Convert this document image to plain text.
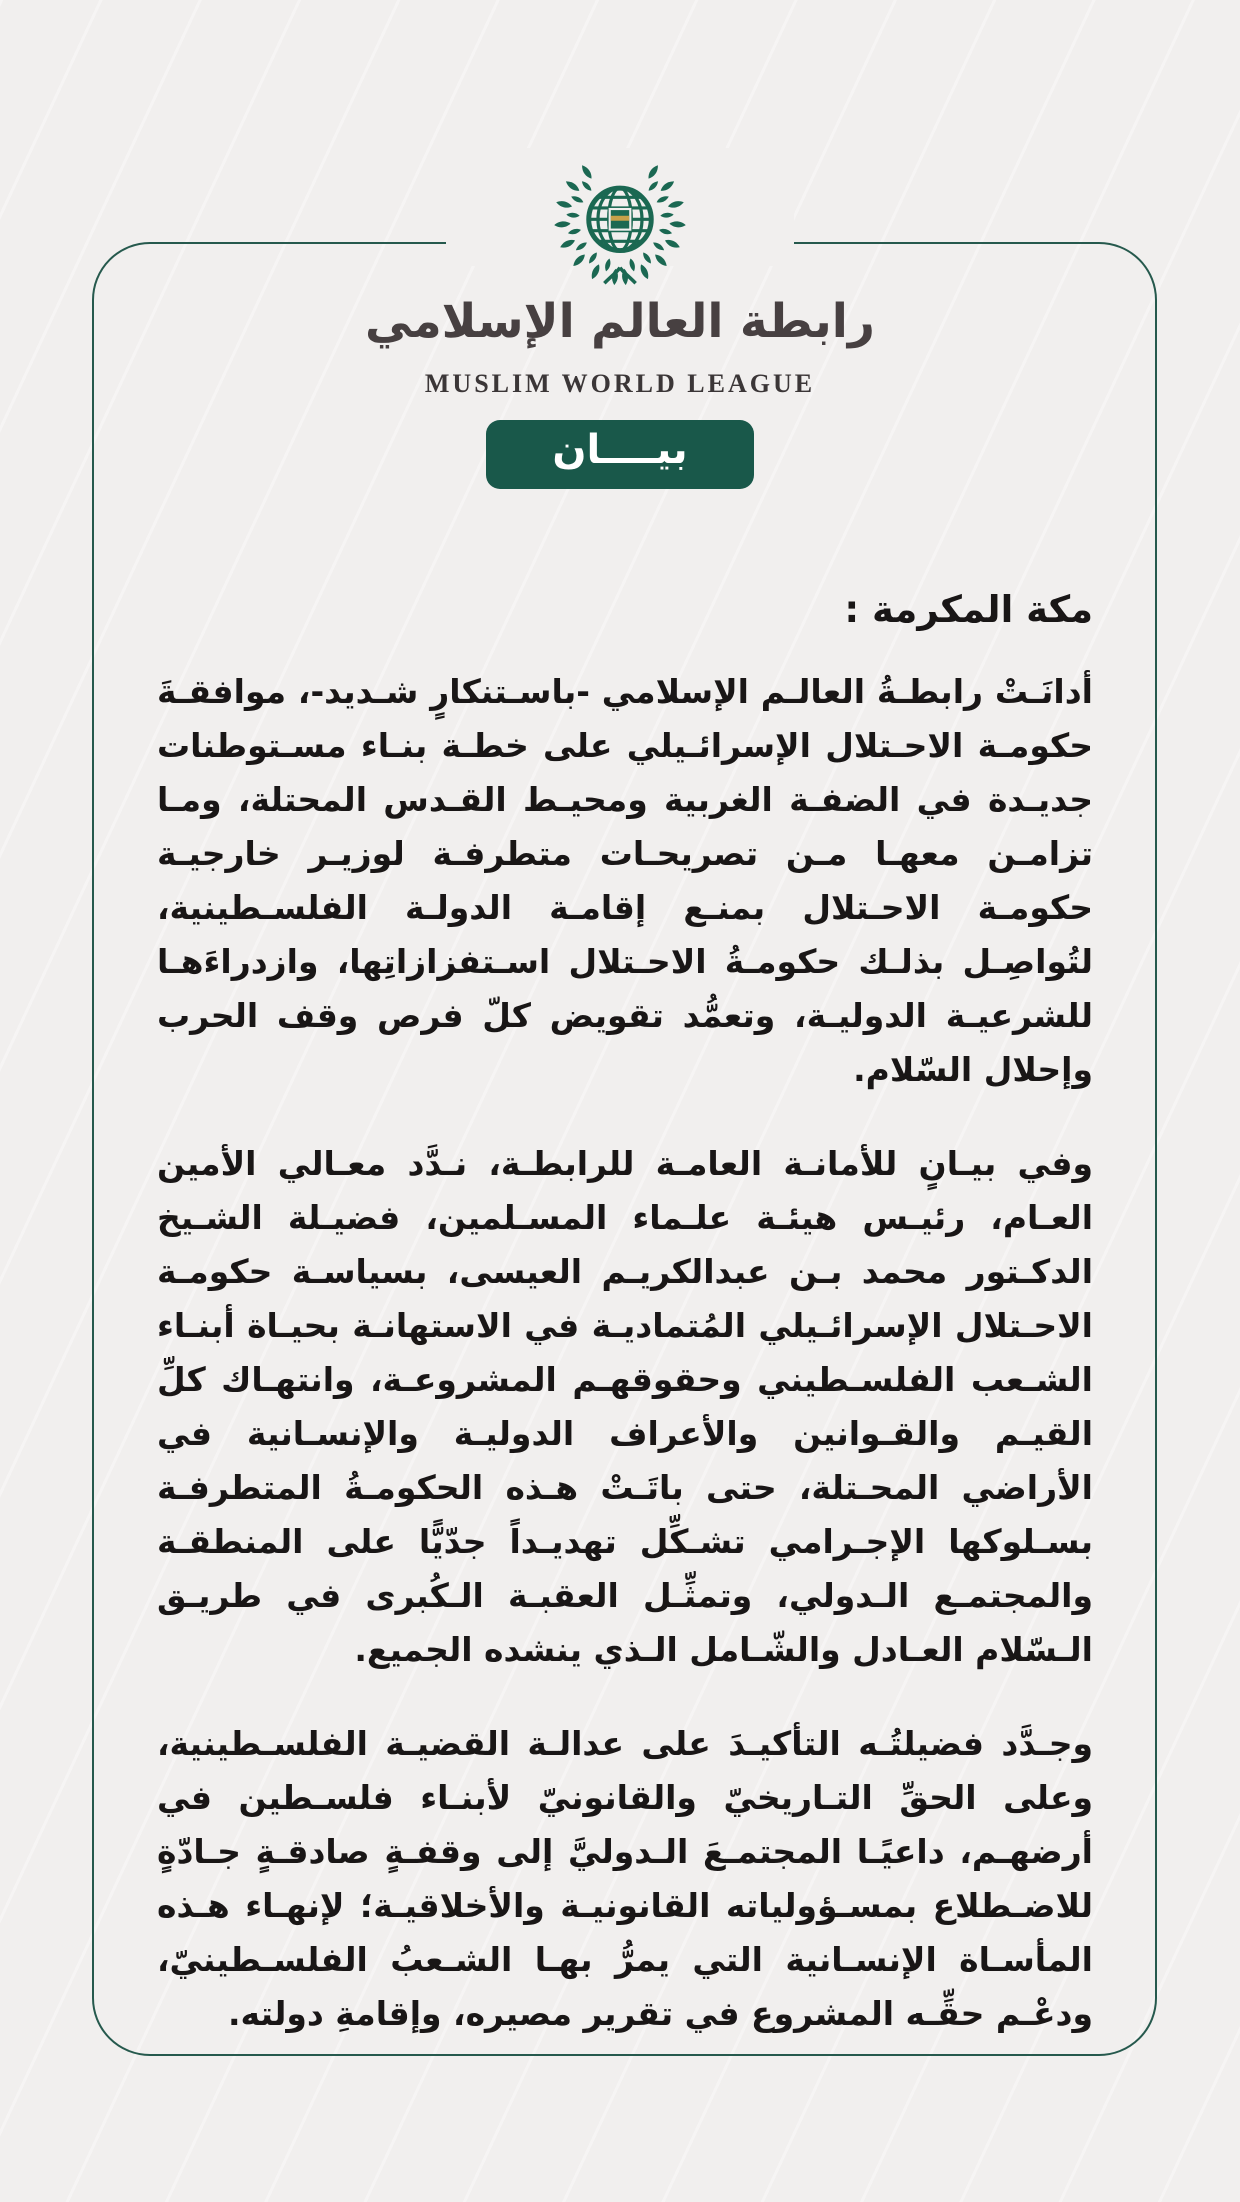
رابطة العالم الإسلامي
MUSLIM WORLD LEAGUE
بيــــان
مكة المكرمة :

أدانَـتْ رابطـةُ العالـم الإسلامي -باسـتنكارٍ شـديد-، موافقـةَ حكومـة الاحـتلال الإسرائـيلي على خطـة بنـاء مسـتوطنات جديـدة في الضفـة الغربية ومحيـط القـدس المحتلة، ومـا تزامـن معهـا مـن تصريحـات متطرفـة لوزيـر خارجيـة حكومـة الاحـتلال بمنـع إقامـة الدولـة الفلسـطينية، لتُواصِـل بذلـك حكومـةُ الاحـتلال اسـتفزازاتِها، وازدراءَهـا للشرعيـة الدوليـة، وتعمُّد تقويض كلّ فرص وقف الحرب وإحلال السّلام.

وفي بيـانٍ للأمانـة العامـة للرابطـة، نـدَّد معـالي الأمين العـام، رئيـس هيئـة علـماء المسـلمين، فضيـلة الشـيخ الدكـتور محمد بـن عبدالكريـم العيسى، بسياسـة حكومـة الاحـتلال الإسرائـيلي المُتماديـة في الاستهانـة بحيـاة أبنـاء الشـعب الفلسـطيني وحقوقهـم المشروعـة، وانتهـاك كلِّ القيـم والقـوانين والأعراف الدوليـة والإنسـانية في الأراضي المحـتلة، حتى باتَـتْ هـذه الحكومـةُ المتطرفـة بسـلوكها الإجـرامي تشـكِّل تهديـداً جدّيًّا على المنطقـة والمجتمـع الـدولي، وتمثِّـل العقبـة الـكُبرى في طريـق الـسّلام العـادل والشّـامل الـذي ينشده الجميع.

وجـدَّد فضيلتُـه التأكيـدَ على عدالـة القضيـة الفلسـطينية، وعلى الحقِّ التـاريخيّ والقانونيّ لأبنـاء فلسـطين في أرضهـم، داعيًـا المجتمـعَ الـدوليَّ إلى وقفـةٍ صادقـةٍ جـادّةٍ للاضـطلاع بمسـؤولياته القانونيـة والأخلاقيـة؛ لإنهـاء هـذه المأسـاة الإنسـانية التي يمرُّ بهـا الشـعبُ الفلسـطينيّ، ودعْـم حقِّـه المشروع في تقرير مصيره، وإقامةِ دولته.
